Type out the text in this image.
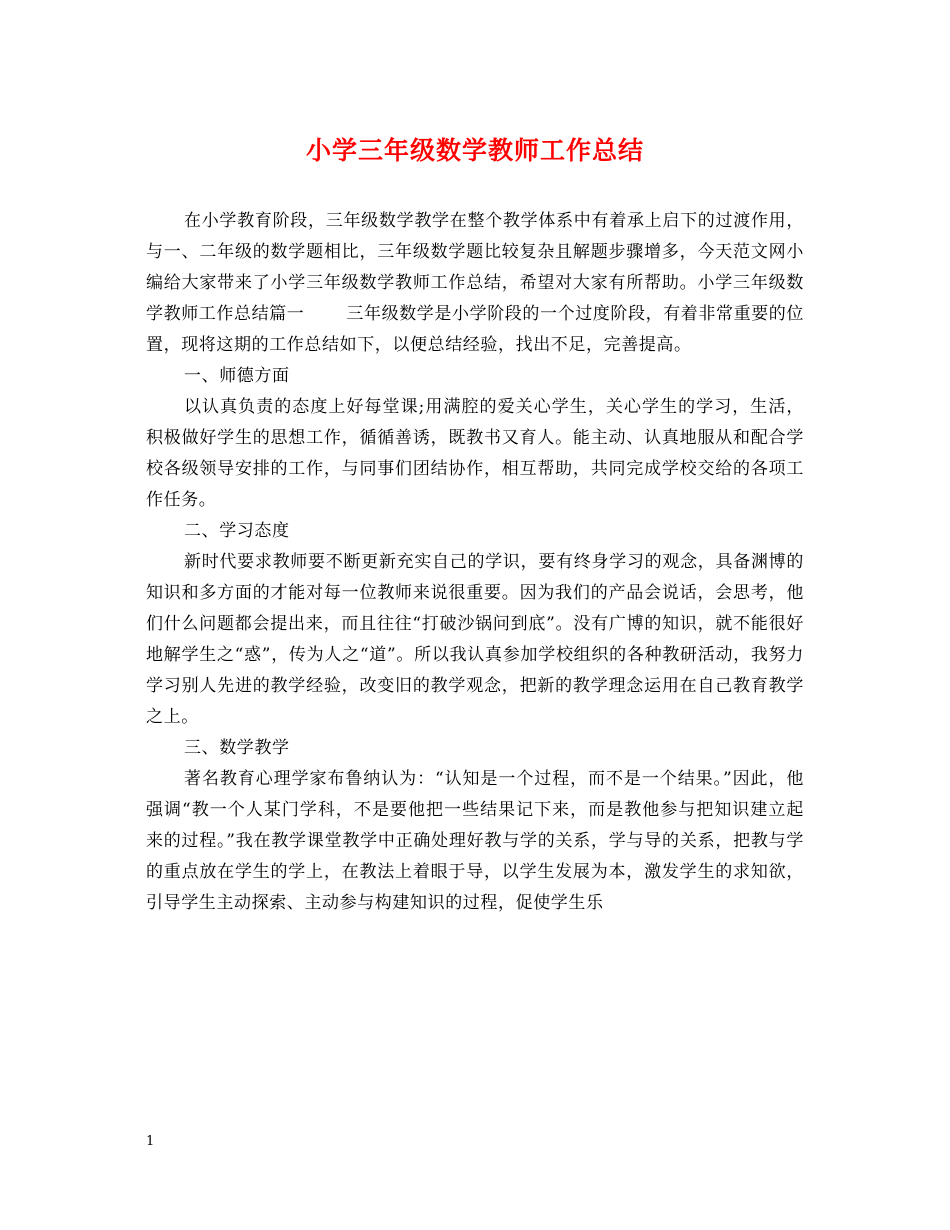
小学三年级数学教师工作总结

在小学教育阶段，三年级数学教学在整个教学体系中有着承上启下的过渡作用，与一、二年级的数学题相比，三年级数学题比较复杂且解题步骤增多，今天范文网小编给大家带来了小学三年级数学教师工作总结，希望对大家有所帮助。小学三年级数学教师工作总结篇一 三年级数学是小学阶段的一个过度阶段，有着非常重要的位置，现将这期的工作总结如下，以便总结经验，找出不足，完善提高。

一、师德方面

以认真负责的态度上好每堂课;用满腔的爱关心学生，关心学生的学习，生活，积极做好学生的思想工作，循循善诱，既教书又育人。能主动、认真地服从和配合学校各级领导安排的工作，与同事们团结协作，相互帮助，共同完成学校交给的各项工作任务。

二、学习态度

新时代要求教师要不断更新充实自己的学识，要有终身学习的观念，具备渊博的知识和多方面的才能对每一位教师来说很重要。因为我们的产品会说话，会思考，他们什么问题都会提出来，而且往往“打破沙锅问到底”。没有广博的知识，就不能很好地解学生之“惑”，传为人之“道”。所以我认真参加学校组织的各种教研活动，我努力学习别人先进的教学经验，改变旧的教学观念，把新的教学理念运用在自己教育教学之上。

三、数学教学

著名教育心理学家布鲁纳认为：“认知是一个过程，而不是一个结果。”因此，他强调“教一个人某门学科，不是要他把一些结果记下来，而是教他参与把知识建立起来的过程。”我在教学课堂教学中正确处理好教与学的关系，学与导的关系，把教与学的重点放在学生的学上，在教法上着眼于导，以学生发展为本，激发学生的求知欲，引导学生主动探索、主动参与构建知识的过程，促使学生乐

1
